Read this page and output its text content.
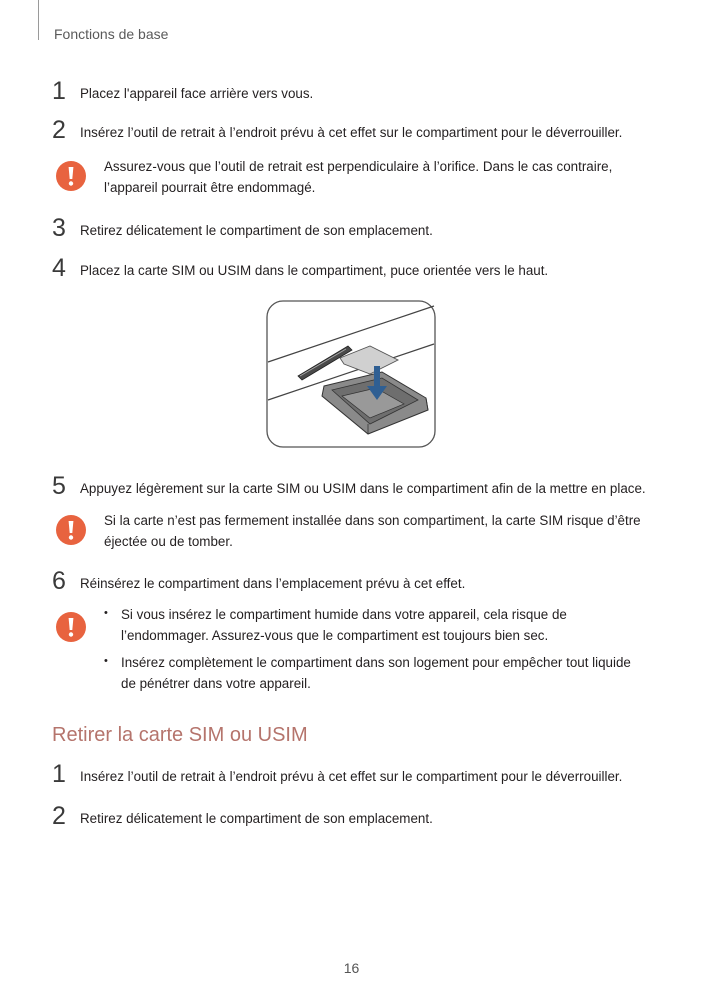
Fonctions de base
1 Placez l'appareil face arrière vers vous.
2 Insérez l’outil de retrait à l’endroit prévu à cet effet sur le compartiment pour le déverrouiller.
Assurez-vous que l’outil de retrait est perpendiculaire à l’orifice. Dans le cas contraire, l’appareil pourrait être endommagé.
3 Retirez délicatement le compartiment de son emplacement.
4 Placez la carte SIM ou USIM dans le compartiment, puce orientée vers le haut.
5 Appuyez légèrement sur la carte SIM ou USIM dans le compartiment afin de la mettre en place.
Si la carte n’est pas fermement installée dans son compartiment, la carte SIM risque d’être éjectée ou de tomber.
6 Réinsérez le compartiment dans l’emplacement prévu à cet effet.
• Si vous insérez le compartiment humide dans votre appareil, cela risque de l’endommager. Assurez-vous que le compartiment est toujours bien sec.
• Insérez complètement le compartiment dans son logement pour empêcher tout liquide de pénétrer dans votre appareil.
Retirer la carte SIM ou USIM
1 Insérez l’outil de retrait à l’endroit prévu à cet effet sur le compartiment pour le déverrouiller.
2 Retirez délicatement le compartiment de son emplacement.
16
